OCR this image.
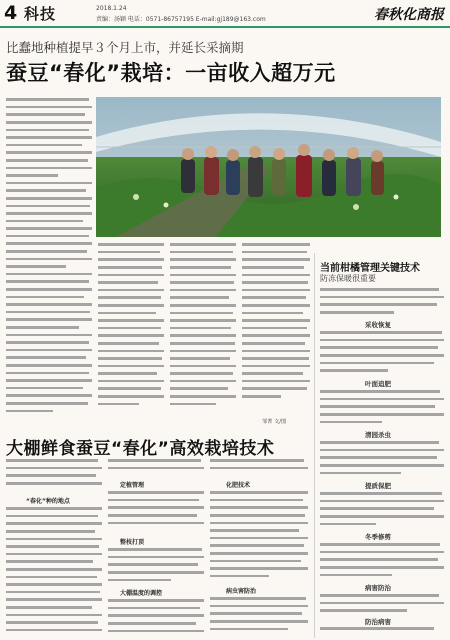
4 科技	2018.1.24
责编：汤颖 电话：0571-86757195 E-mail:gj189@163.com	春秋化商报
比蠢地种植提早３个月上市，并延长采摘期
蚕豆“春化”栽培：一亩收入超万元
邹菁 文/图
当前柑橘管理关键技术
防冻保暖很重要
采收恢复
叶面追肥
清园杀虫
提质保肥
冬季修剪
病害防治
防治病害
大棚鲜食蚕豆“春化”高效栽培技术
“春化”种的地点
定植管理
整枝打顶
大棚温度的调控
化肥技术
病虫害防治
